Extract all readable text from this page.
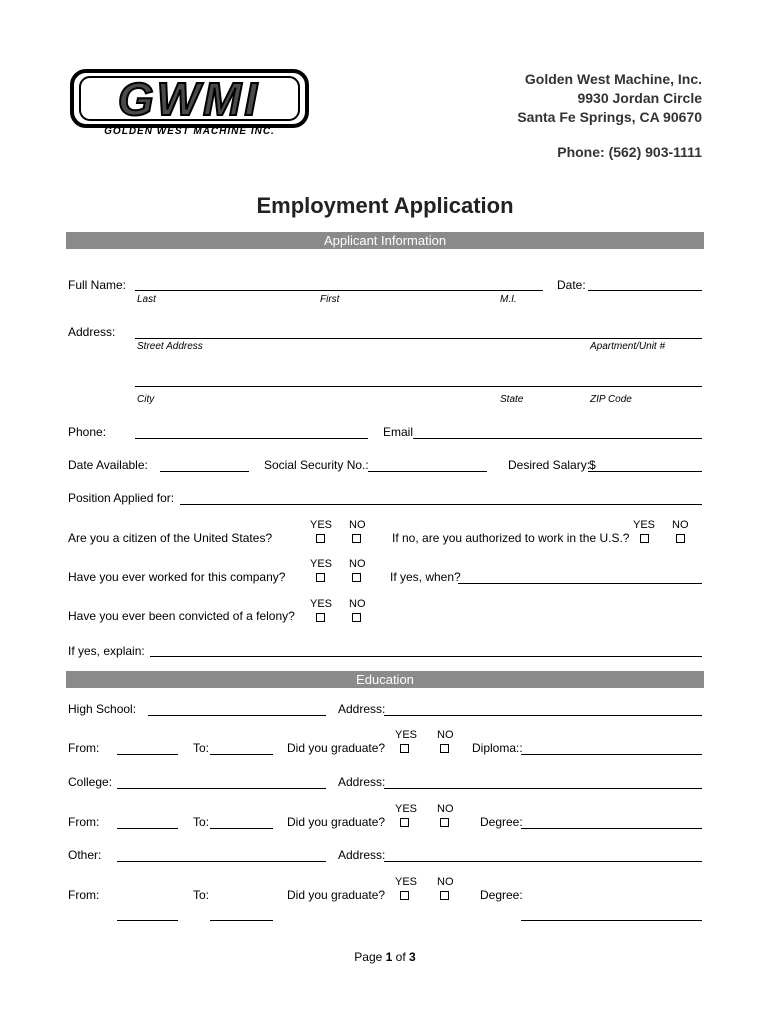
GWMI
GOLDEN WEST MACHINE INC.
Golden West Machine, Inc.
9930 Jordan Circle
Santa Fe Springs, CA 90670
Phone: (562) 903-1111
Employment Application
Applicant Information
Full Name:
Last	First	M.I.
Date:
Address:
Street Address	Apartment/Unit #
City	State	ZIP Code
Phone:	Email
Date Available:	Social Security No.:	Desired Salary:
$
Position Applied for:
YES NO
Are you a citizen of the United States?
YES NO
If no, are you authorized to work in the U.S.?
YES NO
Have you ever worked for this company?	If yes, when?
YES NO
Have you ever been convicted of a felony?
If yes, explain:
Education
High School:	Address:
YES NO
From:	To:	Did you graduate?	Diploma::
College:	Address:
YES NO
From:	To:	Did you graduate?	Degree:
Other:	Address:
YES NO
From:	To:	Did you graduate?	Degree:
Page 1 of 3
